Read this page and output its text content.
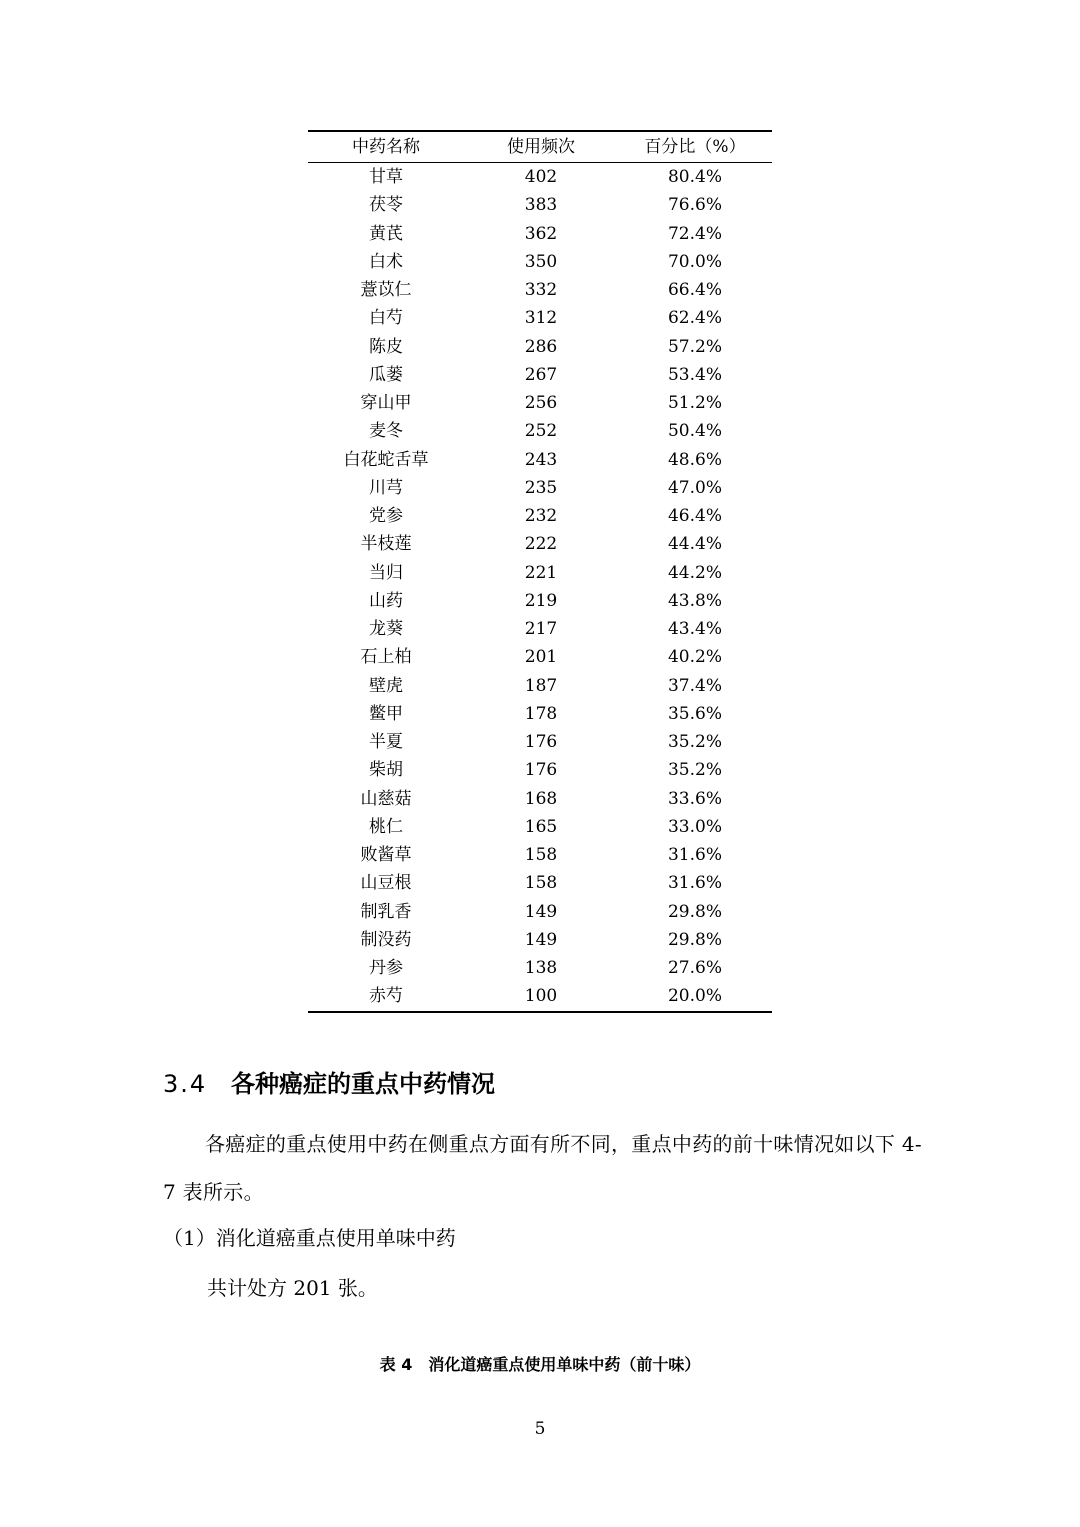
中药名称	使用频次	百分比（%）
甘草	402	80.4%
茯苓	383	76.6%
黄芪	362	72.4%
白术	350	70.0%
薏苡仁	332	66.4%
白芍	312	62.4%
陈皮	286	57.2%
瓜蒌	267	53.4%
穿山甲	256	51.2%
麦冬	252	50.4%
白花蛇舌草	243	48.6%
川芎	235	47.0%
党参	232	46.4%
半枝莲	222	44.4%
当归	221	44.2%
山药	219	43.8%
龙葵	217	43.4%
石上柏	201	40.2%
壁虎	187	37.4%
鳖甲	178	35.6%
半夏	176	35.2%
柴胡	176	35.2%
山慈菇	168	33.6%
桃仁	165	33.0%
败酱草	158	31.6%
山豆根	158	31.6%
制乳香	149	29.8%
制没药	149	29.8%
丹参	138	27.6%
赤芍	100	20.0%
3.4 各种癌症的重点中药情况

各癌症的重点使用中药在侧重点方面有所不同，重点中药的前十味情况如以下 4-7 表所示。

（1）消化道癌重点使用单味中药

共计处方 201 张。

表 4　消化道癌重点使用单味中药（前十味）

5
